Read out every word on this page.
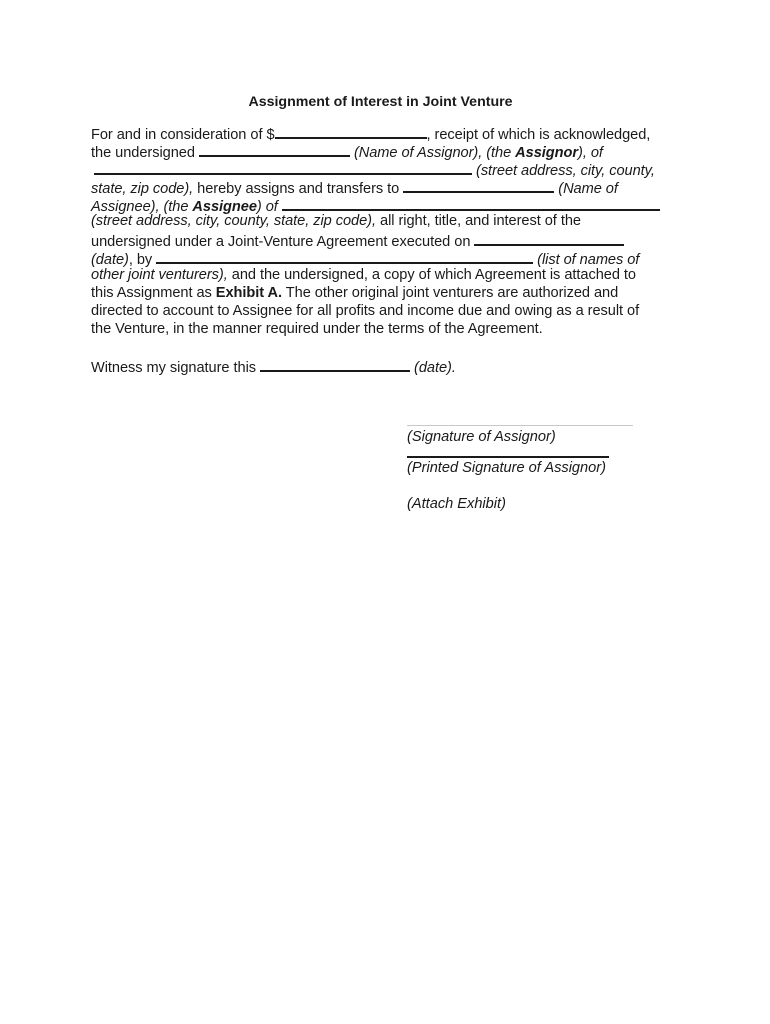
Assignment of Interest in Joint Venture
For and in consideration of $	, receipt of which is acknowledged,
the undersigned	(Name of Assignor), (the Assignor), of
(street address, city, county,
state, zip code), hereby assigns and transfers to	(Name of
Assignee), (the Assignee) of
(street address, city, county, state, zip code), all right, title, and interest of the
undersigned under a Joint-Venture Agreement executed on
(date), by	(list of names of
other joint venturers), and the undersigned, a copy of which Agreement is attached to
this Assignment as Exhibit A. The other original joint venturers are authorized and
directed to account to Assignee for all profits and income due and owing as a result of
the Venture, in the manner required under the terms of the Agreement.
Witness my signature this	(date).
(Signature of Assignor)
(Printed Signature of Assignor)
(Attach Exhibit)
